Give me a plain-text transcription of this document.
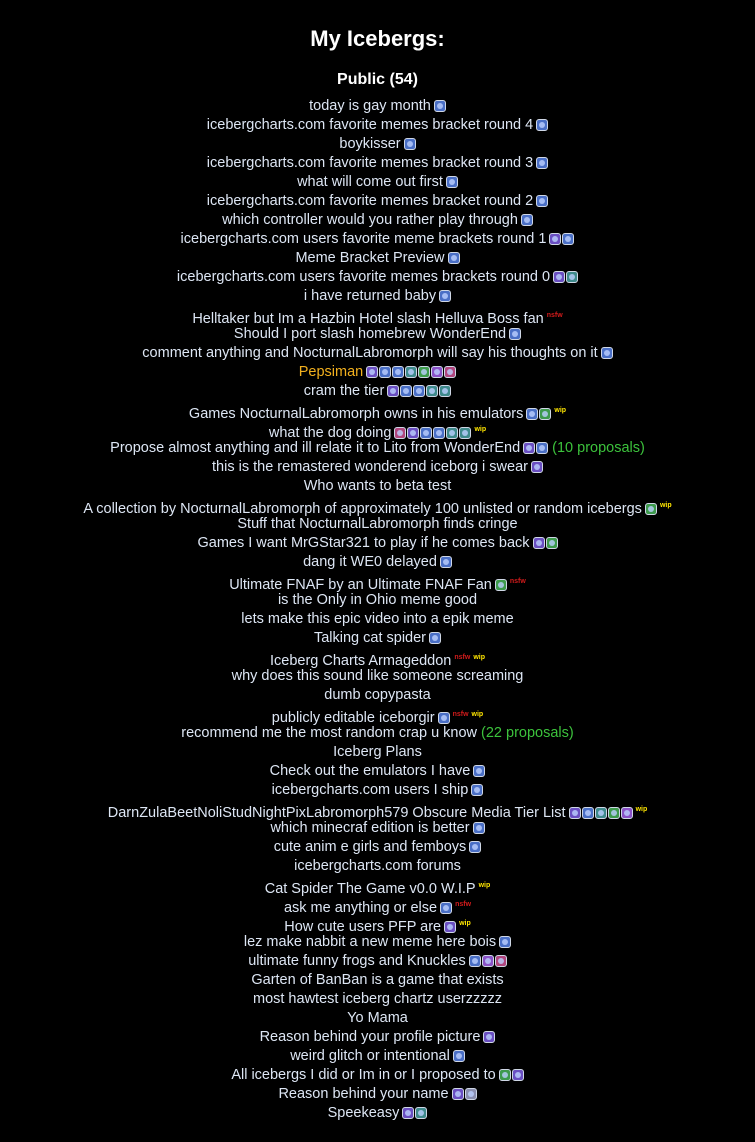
My Icebergs:
Public (54)
today is gay month
icebergcharts.com favorite memes bracket round 4
boykisser
icebergcharts.com favorite memes bracket round 3
what will come out first
icebergcharts.com favorite memes bracket round 2
which controller would you rather play through
icebergcharts.com users favorite meme brackets round 1
Meme Bracket Preview
icebergcharts.com users favorite memes brackets round 0
i have returned baby
Helltaker but Im a Hazbin Hotel slash Helluva Boss fan $^{nsfw}$
Should I port slash homebrew WonderEnd
comment anything and NocturnalLabromorph will say his thoughts on it
Pepsiman
cram the tier
Games NocturnalLabromorph owns in his emulators	$^{wip}$
what the dog doing	$^{wip}$
Propose almost anything and ill relate it to Lito from WonderEnd (10 proposals)
this is the remastered wonderend iceborg i swear
Who wants to beta test
A collection by NocturnalLabromorph of approximately 100 unlisted or random icebergs	$^{wip}$
Stuff that NocturnalLabromorph finds cringe
Games I want MrGStar321 to play if he comes back
dang it WE0 delayed
Ultimate FNAF by an Ultimate FNAF Fan	$^{nsfw}$
is the Only in Ohio meme good
lets make this epic video into a epik meme
Talking cat spider
Iceberg Charts Armageddon $^{nsfw}$ $^{wip}$
why does this sound like someone screaming
dumb copypasta
publicly editable iceborgir	$^{nsfw}$ $^{wip}$
recommend me the most random crap u know (22 proposals)
Iceberg Plans
Check out the emulators I have
icebergcharts.com users I ship
DarnZulaBeetNoliStudNightPixLabromorph579 Obscure Media Tier List	$^{wip}$
which minecraf edition is better
cute anim e girls and femboys
icebergcharts.com forums
Cat Spider The Game v0.0 W.I.P $^{wip}$
ask me anything or else	$^{nsfw}$
How cute users PFP are	$^{wip}$
lez make nabbit a new meme here bois
ultimate funny frogs and Knuckles
Garten of BanBan is a game that exists
most hawtest iceberg chartz userzzzzz
Yo Mama
Reason behind your profile picture
weird glitch or intentional
All icebergs I did or Im in or I proposed to
Reason behind your name
Speekeasy
